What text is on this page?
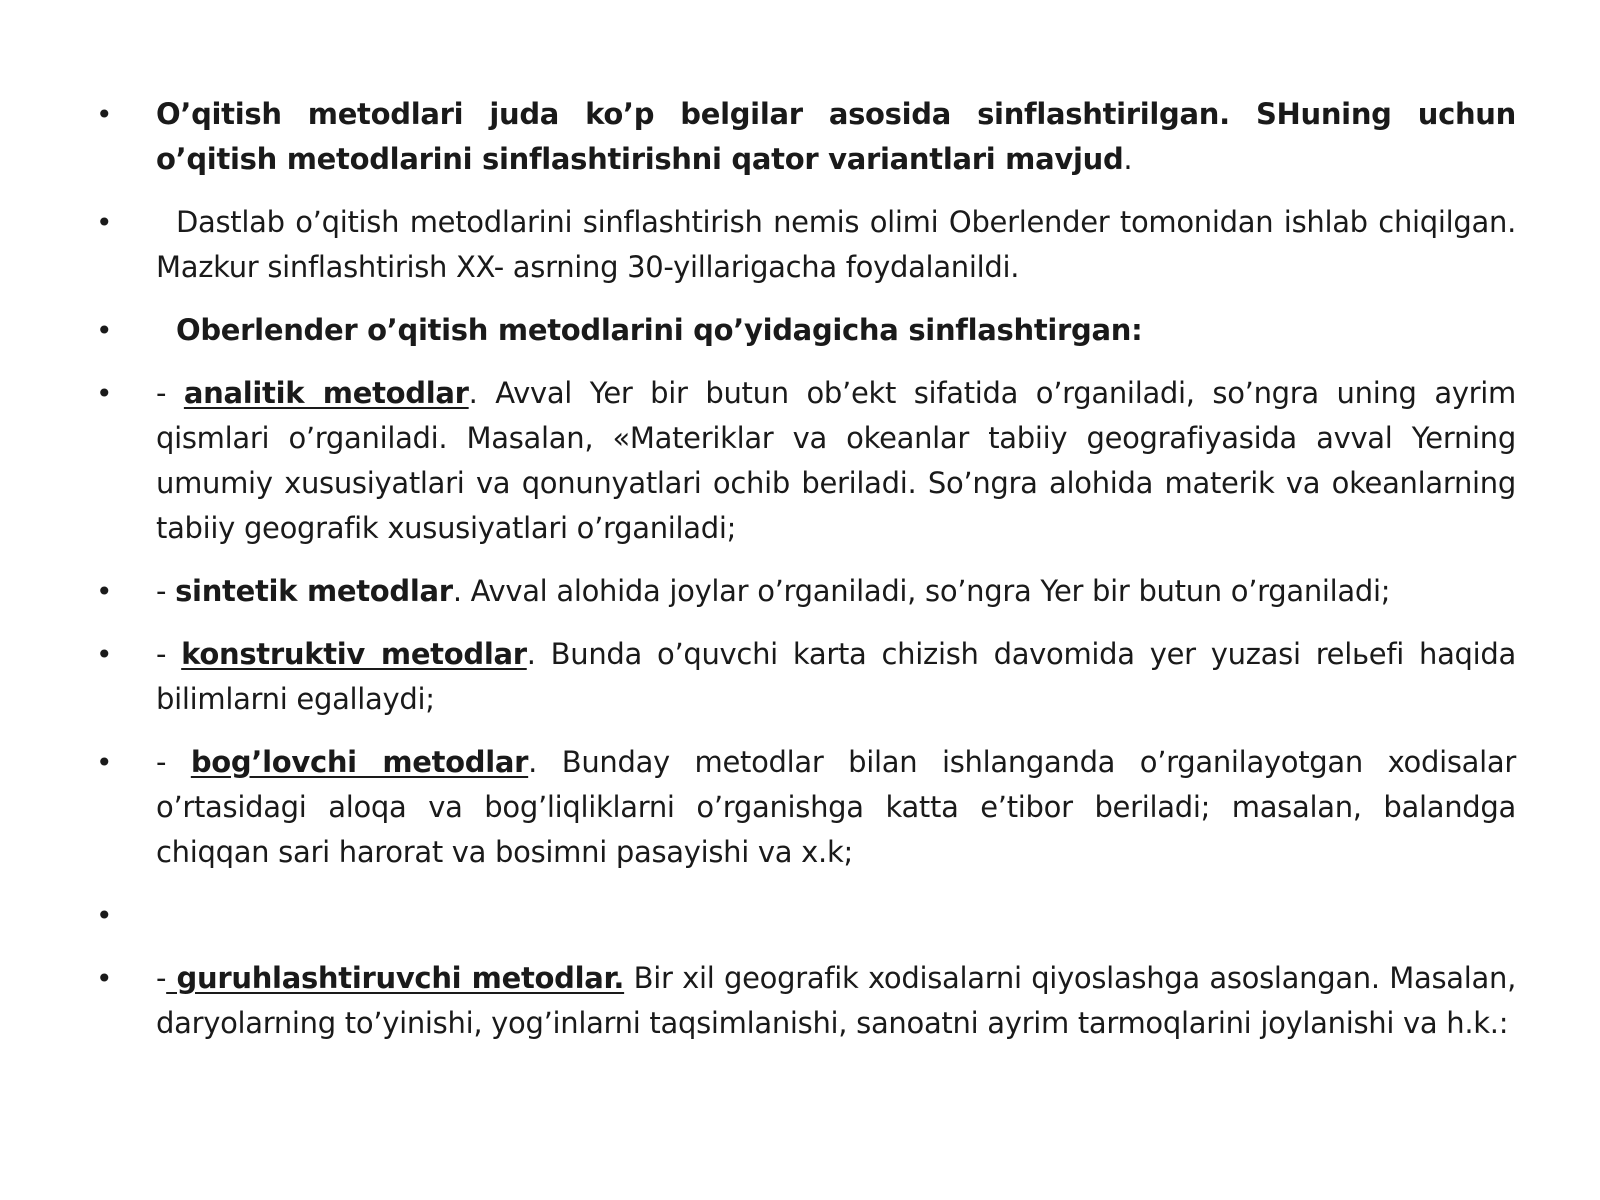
• O’qitish metodlari juda ko’p belgilar asosida sinflashtirilgan. SHuning uchun o’qitish metodlarini sinflashtirishni qator variantlari mavjud.
•	Dastlab o’qitish metodlarini sinflashtirish nemis olimi Oberlender tomonidan ishlab chiqilgan. Mazkur sinflashtirish XX- asrning 30-yillarigacha foydalanildi.
•	Oberlender o’qitish metodlarini qo’yidagicha sinflashtirgan:
• - analitik metodlar. Avval Yer bir butun ob’ekt sifatida o’rganiladi, so’ngra uning ayrim qismlari o’rganiladi. Masalan, «Materiklar va okeanlar tabiiy geografiyasida avval Yerning umumiy xususiyatlari va qonunyatlari ochib beriladi. So’ngra alohida materik va okeanlarning tabiiy geografik xususiyatlari o’rganiladi;
• - sintetik metodlar. Avval alohida joylar o’rganiladi, so’ngra Yer bir butun o’rganiladi;
• - konstruktiv metodlar. Bunda o’quvchi karta chizish davomida yer yuzasi relьefi haqida bilimlarni egallaydi;
• - bog’lovchi metodlar. Bunday metodlar bilan ishlanganda o’rganilayotgan xodisalar o’rtasidagi aloqa va bog’liqliklarni o’rganishga katta e’tibor beriladi; masalan, balandga chiqqan sari harorat va bosimni pasayishi va x.k;
•
• - guruhlashtiruvchi metodlar. Bir xil geografik xodisalarni qiyoslashga asoslangan. Masalan, daryolarning to’yinishi, yog’inlarni taqsimlanishi, sanoatni ayrim tarmoqlarini joylanishi va h.k.:
